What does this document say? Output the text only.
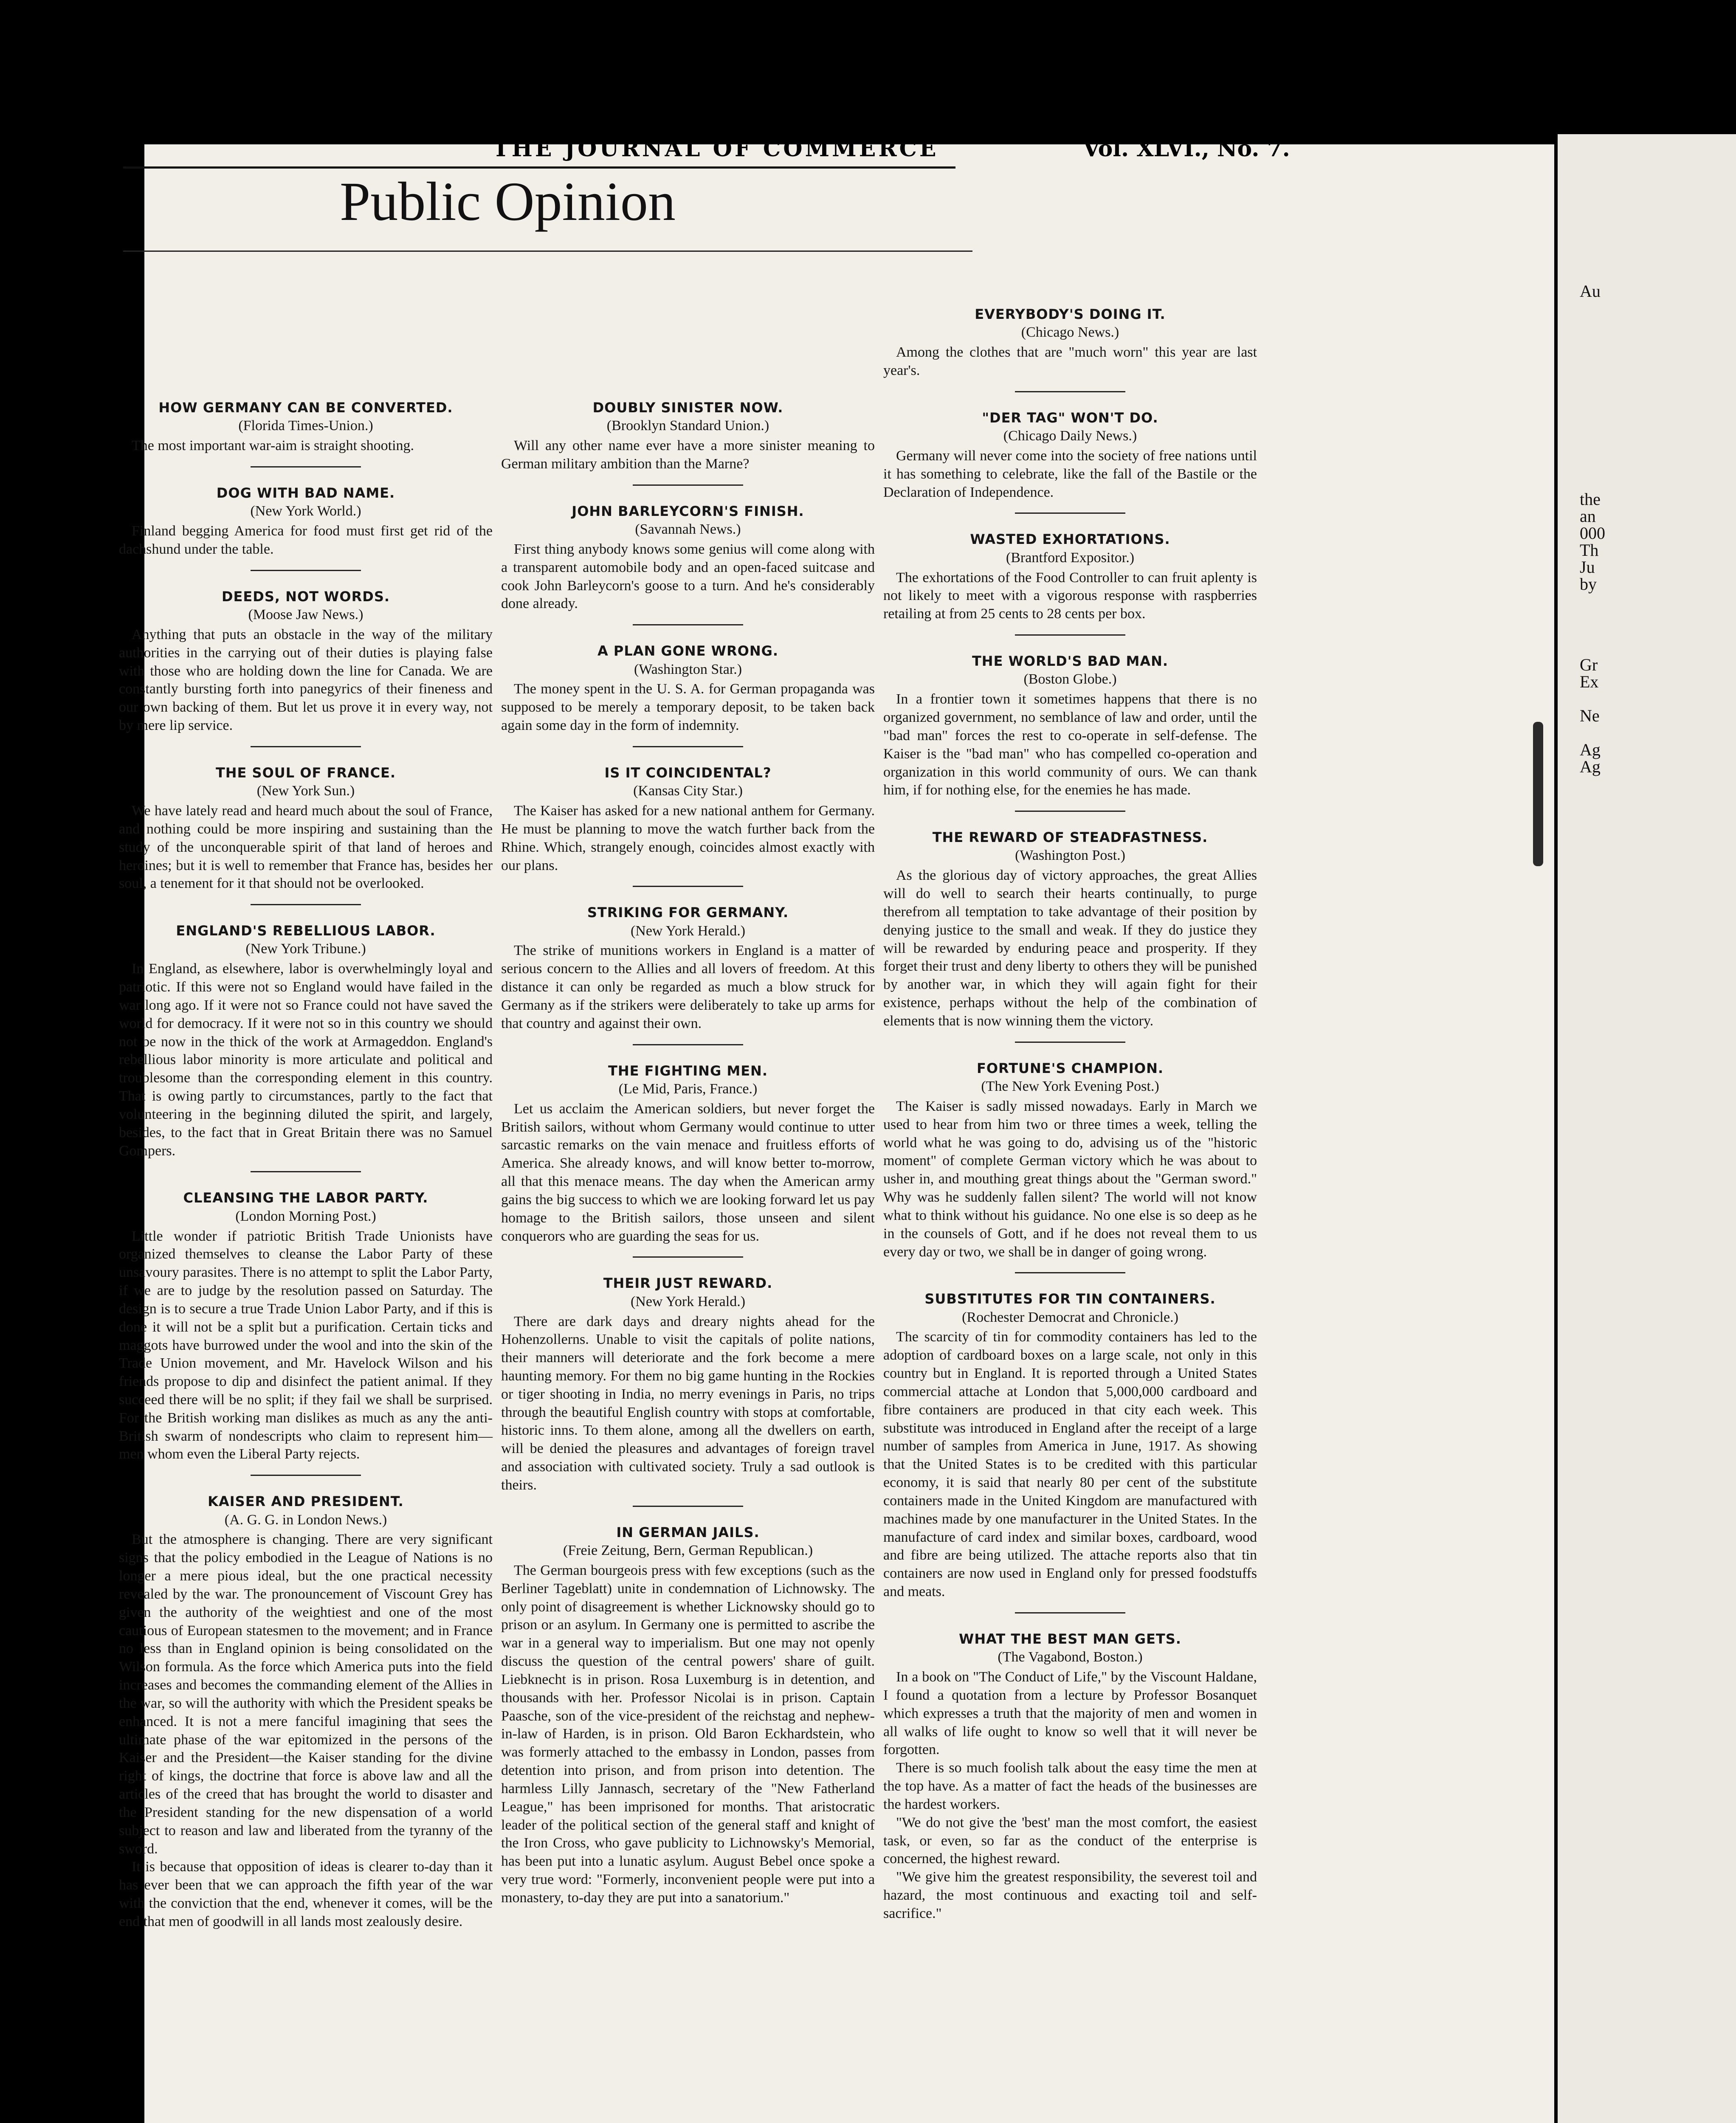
Au
the
an
000
Th
Ju
by
Gr
Ex
Ne
Ag
Ag
6	THE JOURNAL OF COMMERCE	Vol. XLVI., No. 7.
Public Opinion
HOW GERMANY CAN BE CONVERTED.
(Florida Times-Union.)

The most important war-aim is straight shooting.

DOG WITH BAD NAME.
(New York World.)

Finland begging America for food must first get rid of the dachshund under the table.

DEEDS, NOT WORDS.
(Moose Jaw News.)

Anything that puts an obstacle in the way of the military authorities in the carrying out of their duties is playing false with those who are holding down the line for Canada. We are constantly bursting forth into panegyrics of their fineness and our own backing of them. But let us prove it in every way, not by mere lip service.

THE SOUL OF FRANCE.
(New York Sun.)

We have lately read and heard much about the soul of France, and nothing could be more inspiring and sustaining than the study of the unconquerable spirit of that land of heroes and heroines; but it is well to remember that France has, besides her soul, a tenement for it that should not be overlooked.

ENGLAND'S REBELLIOUS LABOR.
(New York Tribune.)

In England, as elsewhere, labor is overwhelmingly loyal and patriotic. If this were not so England would have failed in the war long ago. If it were not so France could not have saved the world for democracy. If it were not so in this country we should not be now in the thick of the work at Armageddon. England's rebellious labor minority is more articulate and political and troublesome than the corresponding element in this country. That is owing partly to circumstances, partly to the fact that volunteering in the beginning diluted the spirit, and largely, besides, to the fact that in Great Britain there was no Samuel Gompers.

CLEANSING THE LABOR PARTY.
(London Morning Post.)

Little wonder if patriotic British Trade Unionists have organized themselves to cleanse the Labor Party of these unsavoury parasites. There is no attempt to split the Labor Party, if we are to judge by the resolution passed on Saturday. The design is to secure a true Trade Union Labor Party, and if this is done it will not be a split but a purification. Certain ticks and maggots have burrowed under the wool and into the skin of the Trade Union movement, and Mr. Havelock Wilson and his friends propose to dip and disinfect the patient animal. If they succeed there will be no split; if they fail we shall be surprised. For the British working man dislikes as much as any the anti-British swarm of nondescripts who claim to represent him—men whom even the Liberal Party rejects.

KAISER AND PRESIDENT.
(A. G. G. in London News.)

But the atmosphere is changing. There are very significant signs that the policy embodied in the League of Nations is no longer a mere pious ideal, but the one practical necessity revealed by the war. The pronouncement of Viscount Grey has given the authority of the weightiest and one of the most cautious of European statesmen to the movement; and in France no less than in England opinion is being consolidated on the Wilson formula. As the force which America puts into the field increases and becomes the commanding element of the Allies in the war, so will the authority with which the President speaks be enhanced. It is not a mere fanciful imagining that sees the ultimate phase of the war epitomized in the persons of the Kaiser and the President—the Kaiser standing for the divine right of kings, the doctrine that force is above law and all the articles of the creed that has brought the world to disaster and the President standing for the new dispensation of a world subject to reason and law and liberated from the tyranny of the sword.

It is because that opposition of ideas is clearer to-day than it has ever been that we can approach the fifth year of the war with the conviction that the end, whenever it comes, will be the end that men of goodwill in all lands most zealously desire.

DOUBLY SINISTER NOW.
(Brooklyn Standard Union.)

Will any other name ever have a more sinister meaning to German military ambition than the Marne?

JOHN BARLEYCORN'S FINISH.
(Savannah News.)

First thing anybody knows some genius will come along with a transparent automobile body and an open-faced suitcase and cook John Barleycorn's goose to a turn. And he's considerably done already.

A PLAN GONE WRONG.
(Washington Star.)

The money spent in the U. S. A. for German propaganda was supposed to be merely a temporary deposit, to be taken back again some day in the form of indemnity.

IS IT COINCIDENTAL?
(Kansas City Star.)

The Kaiser has asked for a new national anthem for Germany. He must be planning to move the watch further back from the Rhine. Which, strangely enough, coincides almost exactly with our plans.

STRIKING FOR GERMANY.
(New York Herald.)

The strike of munitions workers in England is a matter of serious concern to the Allies and all lovers of freedom. At this distance it can only be regarded as much a blow struck for Germany as if the strikers were deliberately to take up arms for that country and against their own.

THE FIGHTING MEN.
(Le Mid, Paris, France.)

Let us acclaim the American soldiers, but never forget the British sailors, without whom Germany would continue to utter sarcastic remarks on the vain menace and fruitless efforts of America. She already knows, and will know better to-morrow, all that this menace means. The day when the American army gains the big success to which we are looking forward let us pay homage to the British sailors, those unseen and silent conquerors who are guarding the seas for us.

THEIR JUST REWARD.
(New York Herald.)

There are dark days and dreary nights ahead for the Hohenzollerns. Unable to visit the capitals of polite nations, their manners will deteriorate and the fork become a mere haunting memory. For them no big game hunting in the Rockies or tiger shooting in India, no merry evenings in Paris, no trips through the beautiful English country with stops at comfortable, historic inns. To them alone, among all the dwellers on earth, will be denied the pleasures and advantages of foreign travel and association with cultivated society. Truly a sad outlook is theirs.

IN GERMAN JAILS.
(Freie Zeitung, Bern, German Republican.)

The German bourgeois press with few exceptions (such as the Berliner Tageblatt) unite in condemnation of Lichnowsky. The only point of disagreement is whether Licknowsky should go to prison or an asylum. In Germany one is permitted to ascribe the war in a general way to imperialism. But one may not openly discuss the question of the central powers' share of guilt. Liebknecht is in prison. Rosa Luxemburg is in detention, and thousands with her. Professor Nicolai is in prison. Captain Paasche, son of the vice-president of the reichstag and nephew-in-law of Harden, is in prison. Old Baron Eckhardstein, who was formerly attached to the embassy in London, passes from detention into prison, and from prison into detention. The harmless Lilly Jannasch, secretary of the "New Fatherland League," has been imprisoned for months. That aristocratic leader of the political section of the general staff and knight of the Iron Cross, who gave publicity to Lichnowsky's Memorial, has been put into a lunatic asylum. August Bebel once spoke a very true word: "Formerly, inconvenient people were put into a monastery, to-day they are put into a sanatorium."

EVERYBODY'S DOING IT.
(Chicago News.)

Among the clothes that are "much worn" this year are last year's.

"DER TAG" WON'T DO.
(Chicago Daily News.)

Germany will never come into the society of free nations until it has something to celebrate, like the fall of the Bastile or the Declaration of Independence.

WASTED EXHORTATIONS.
(Brantford Expositor.)

The exhortations of the Food Controller to can fruit aplenty is not likely to meet with a vigorous response with raspberries retailing at from 25 cents to 28 cents per box.

THE WORLD'S BAD MAN.
(Boston Globe.)

In a frontier town it sometimes happens that there is no organized government, no semblance of law and order, until the "bad man" forces the rest to co-operate in self-defense. The Kaiser is the "bad man" who has compelled co-operation and organization in this world community of ours. We can thank him, if for nothing else, for the enemies he has made.

THE REWARD OF STEADFASTNESS.
(Washington Post.)

As the glorious day of victory approaches, the great Allies will do well to search their hearts continually, to purge therefrom all temptation to take advantage of their position by denying justice to the small and weak. If they do justice they will be rewarded by enduring peace and prosperity. If they forget their trust and deny liberty to others they will be punished by another war, in which they will again fight for their existence, perhaps without the help of the combination of elements that is now winning them the victory.

FORTUNE'S CHAMPION.
(The New York Evening Post.)

The Kaiser is sadly missed nowadays. Early in March we used to hear from him two or three times a week, telling the world what he was going to do, advising us of the "historic moment" of complete German victory which he was about to usher in, and mouthing great things about the "German sword." Why was he suddenly fallen silent? The world will not know what to think without his guidance. No one else is so deep as he in the counsels of Gott, and if he does not reveal them to us every day or two, we shall be in danger of going wrong.

SUBSTITUTES FOR TIN CONTAINERS.
(Rochester Democrat and Chronicle.)

The scarcity of tin for commodity containers has led to the adoption of cardboard boxes on a large scale, not only in this country but in England. It is reported through a United States commercial attache at London that 5,000,000 cardboard and fibre containers are produced in that city each week. This substitute was introduced in England after the receipt of a large number of samples from America in June, 1917. As showing that the United States is to be credited with this particular economy, it is said that nearly 80 per cent of the substitute containers made in the United Kingdom are manufactured with machines made by one manufacturer in the United States. In the manufacture of card index and similar boxes, cardboard, wood and fibre are being utilized. The attache reports also that tin containers are now used in England only for pressed foodstuffs and meats.

WHAT THE BEST MAN GETS.
(The Vagabond, Boston.)

In a book on "The Conduct of Life," by the Viscount Haldane, I found a quotation from a lecture by Professor Bosanquet which expresses a truth that the majority of men and women in all walks of life ought to know so well that it will never be forgotten.

There is so much foolish talk about the easy time the men at the top have. As a matter of fact the heads of the businesses are the hardest workers.

"We do not give the 'best' man the most comfort, the easiest task, or even, so far as the conduct of the enterprise is concerned, the highest reward.

"We give him the greatest responsibility, the severest toil and hazard, the most continuous and exacting toil and self-sacrifice."
